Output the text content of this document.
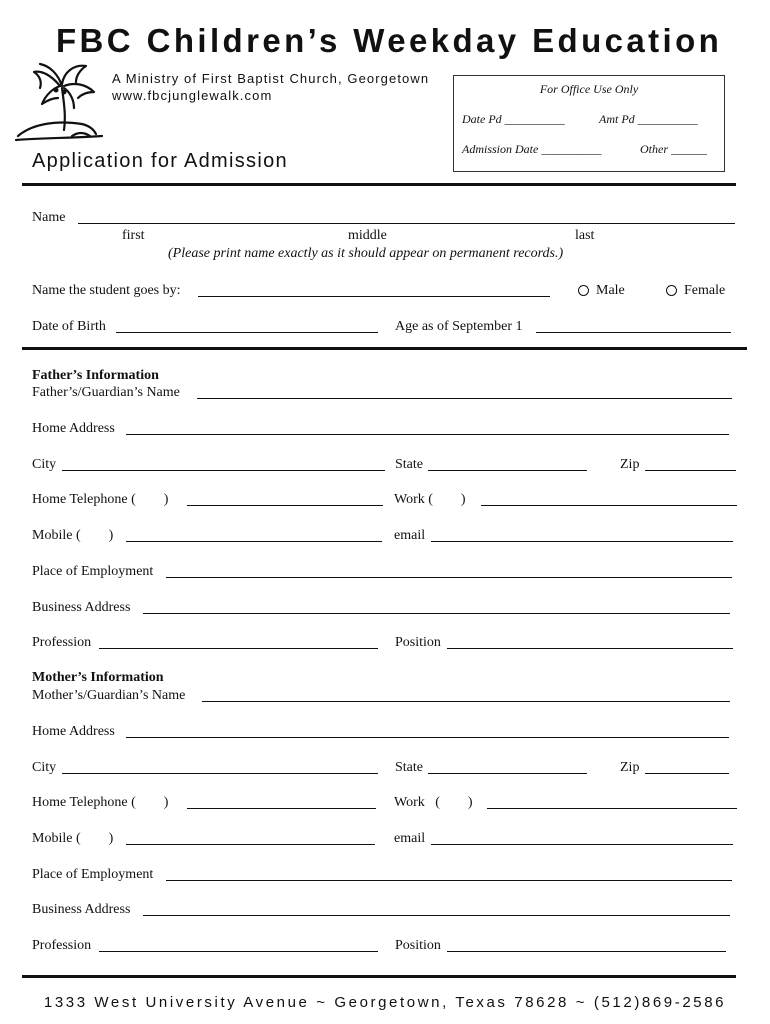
FBC Children’s Weekday Education
A Ministry of First Baptist Church, Georgetown
www.fbcjunglewalk.com
Application for Admission
For Office Use Only
Date Pd __________	Amt Pd __________
Admission Date __________	Other ______
Name
first	middle	last
(Please print name exactly as it should appear on permanent records.)
Name the student goes by:	Male	Female
Date of Birth	Age as of September 1
Father’s Information
Father’s/Guardian’s Name
Home Address
City	State	Zip
Home Telephone (        )	Work (        )
Mobile (        )	email
Place of Employment
Business Address
Profession	Position
Mother’s Information
Mother’s/Guardian’s Name
Home Address
City	State	Zip
Home Telephone (        )	Work   (        )
Mobile (        )	email
Place of Employment
Business Address
Profession	Position
1333 West University Avenue ~ Georgetown, Texas 78628 ~ (512)869-2586
